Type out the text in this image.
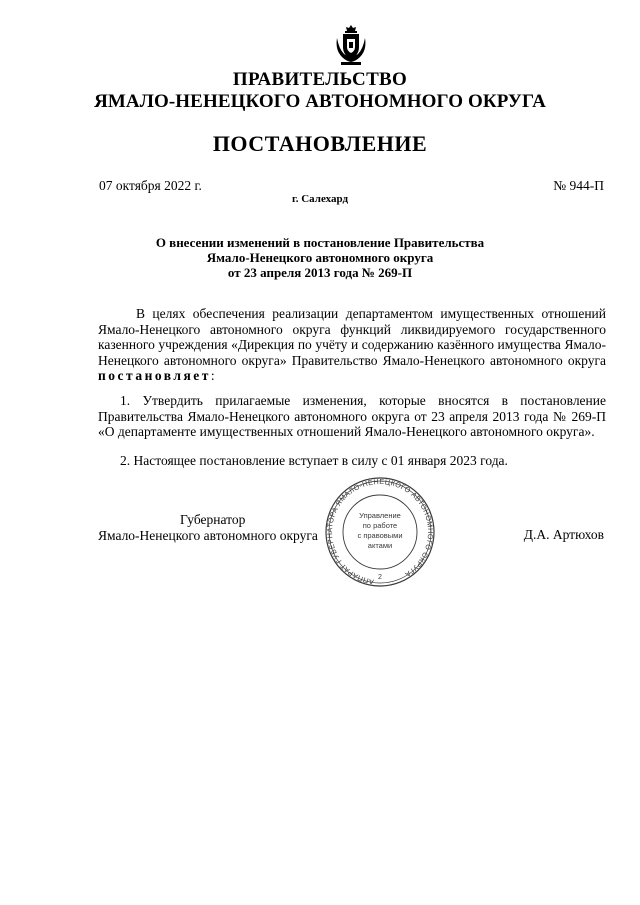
ПРАВИТЕЛЬСТВО
ЯМАЛО-НЕНЕЦКОГО АВТОНОМНОГО ОКРУГА
ПОСТАНОВЛЕНИЕ
07 октября 2022 г.	№ 944-П
г. Салехард
О внесении изменений в постановление Правительства
Ямало-Ненецкого автономного округа
от 23 апреля 2013 года № 269-П
В целях обеспечения реализации департаментом имущественных отношений Ямало-Ненецкого автономного округа функций ликвидируемого государственного казенного учреждения «Дирекция по учёту и содержанию казённого имущества Ямало-Ненецкого автономного округа» Правительство Ямало-Ненецкого автономного округа постановляет:
1. Утвердить прилагаемые изменения, которые вносятся в постановление Правительства Ямало-Ненецкого автономного округа от 23 апреля 2013 года № 269-П «О департаменте имущественных отношений Ямало-Ненецкого автономного округа».
2. Настоящее постановление вступает в силу с 01 января 2023 года.
Губернатор
Ямало-Ненецкого автономного округа	Д.А. Артюхов
АППАРАТ ГУБЕРНАТОРА ЯМАЛО-НЕНЕЦКОГО АВТОНОМНОГО ОКРУГА
Управление
по работе
с правовыми
актами
2
